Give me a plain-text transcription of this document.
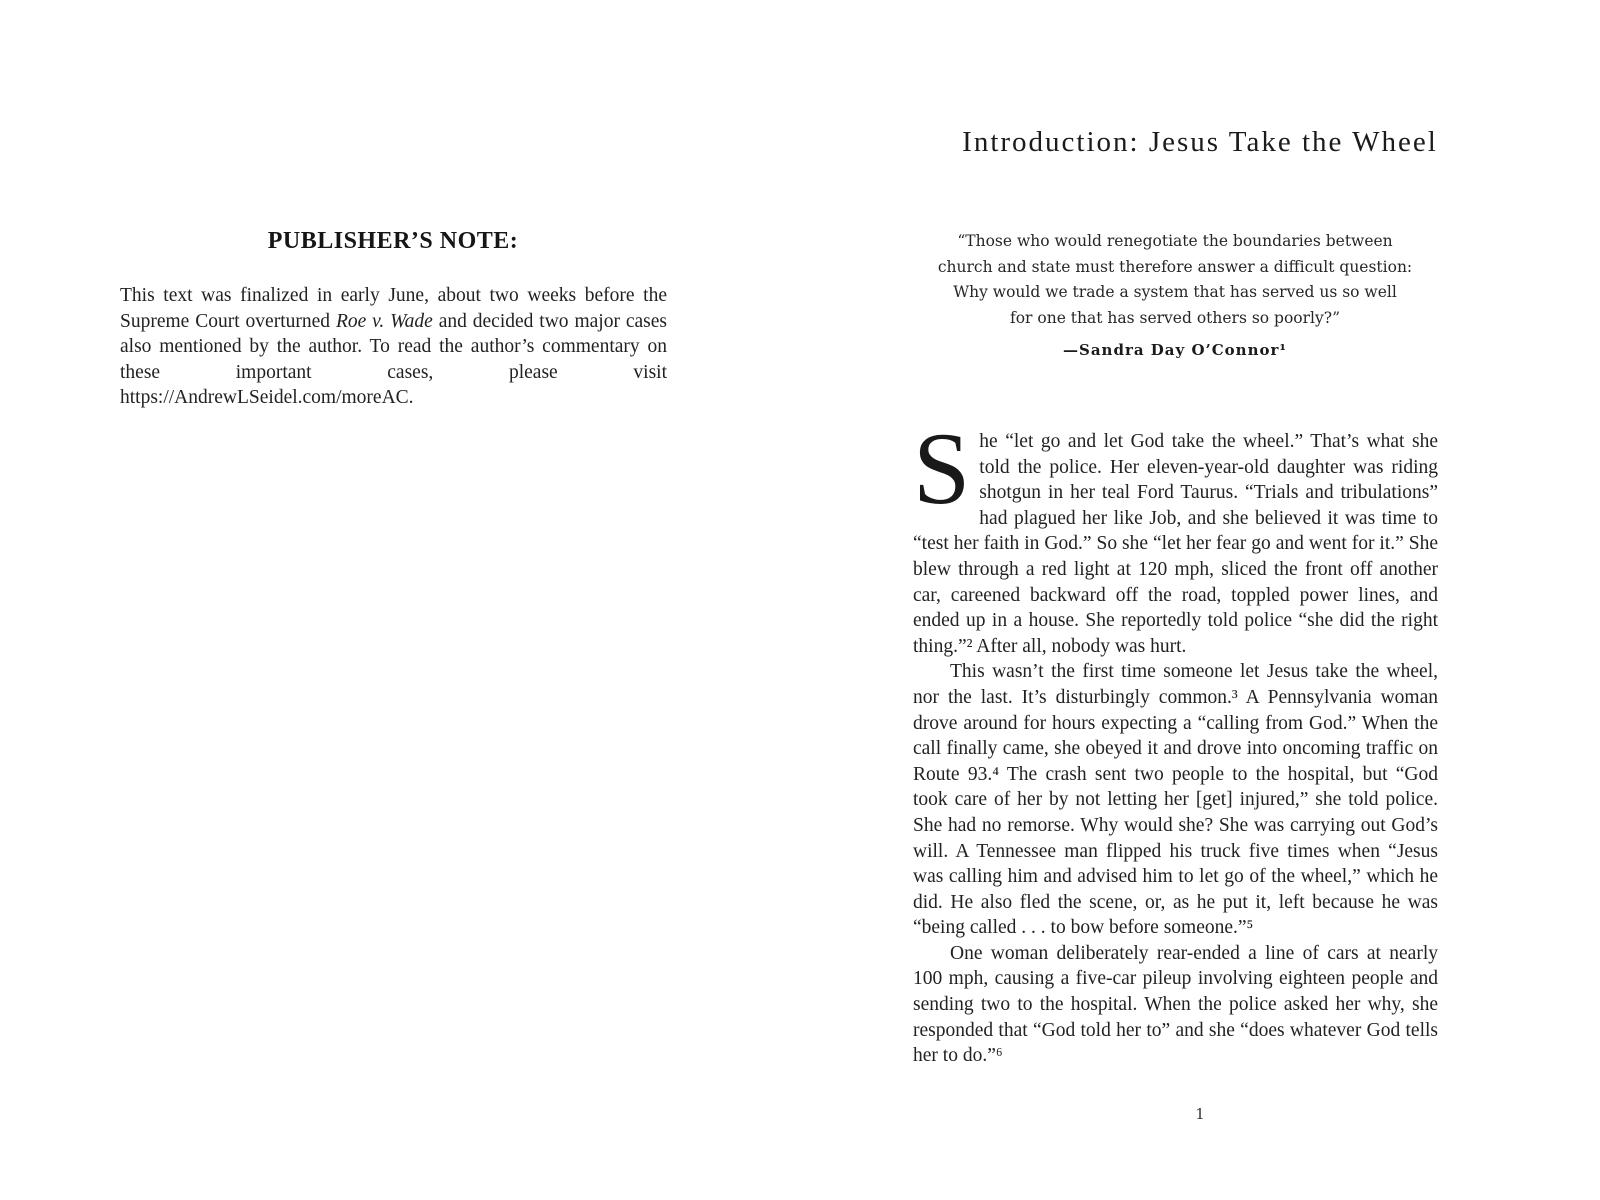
PUBLISHER’S NOTE:

This text was finalized in early June, about two weeks before the Supreme Court overturned Roe v. Wade and decided two major cases also mentioned by the author. To read the author’s commentary on these important cases, please visit https://AndrewLSeidel.com/moreAC.

Introduction: Jesus Take the Wheel
“Those who would renegotiate the boundaries between
church and state must therefore answer a difficult question:
Why would we trade a system that has served us so well
for one that has served others so poorly?”
—Sandra Day O’Connor¹

She “let go and let God take the wheel.” That’s what she told the police. Her eleven-year-old daughter was riding shotgun in her teal Ford Taurus. “Trials and tribulations” had plagued her like Job, and she believed it was time to “test her faith in God.” So she “let her fear go and went for it.” She blew through a red light at 120 mph, sliced the front off another car, careened backward off the road, toppled power lines, and ended up in a house. She reportedly told police “she did the right thing.”² After all, nobody was hurt.

This wasn’t the first time someone let Jesus take the wheel, nor the last. It’s disturbingly common.³ A Pennsylvania woman drove around for hours expecting a “calling from God.” When the call finally came, she obeyed it and drove into oncoming traffic on Route 93.⁴ The crash sent two people to the hospital, but “God took care of her by not letting her [get] injured,” she told police. She had no remorse. Why would she? She was carrying out God’s will. A Tennessee man flipped his truck five times when “Jesus was calling him and advised him to let go of the wheel,” which he did. He also fled the scene, or, as he put it, left because he was “being called . . . to bow before someone.”⁵

One woman deliberately rear-ended a line of cars at nearly 100 mph, causing a five-car pileup involving eighteen people and sending two to the hospital. When the police asked her why, she responded that “God told her to” and she “does whatever God tells her to do.”⁶

1
